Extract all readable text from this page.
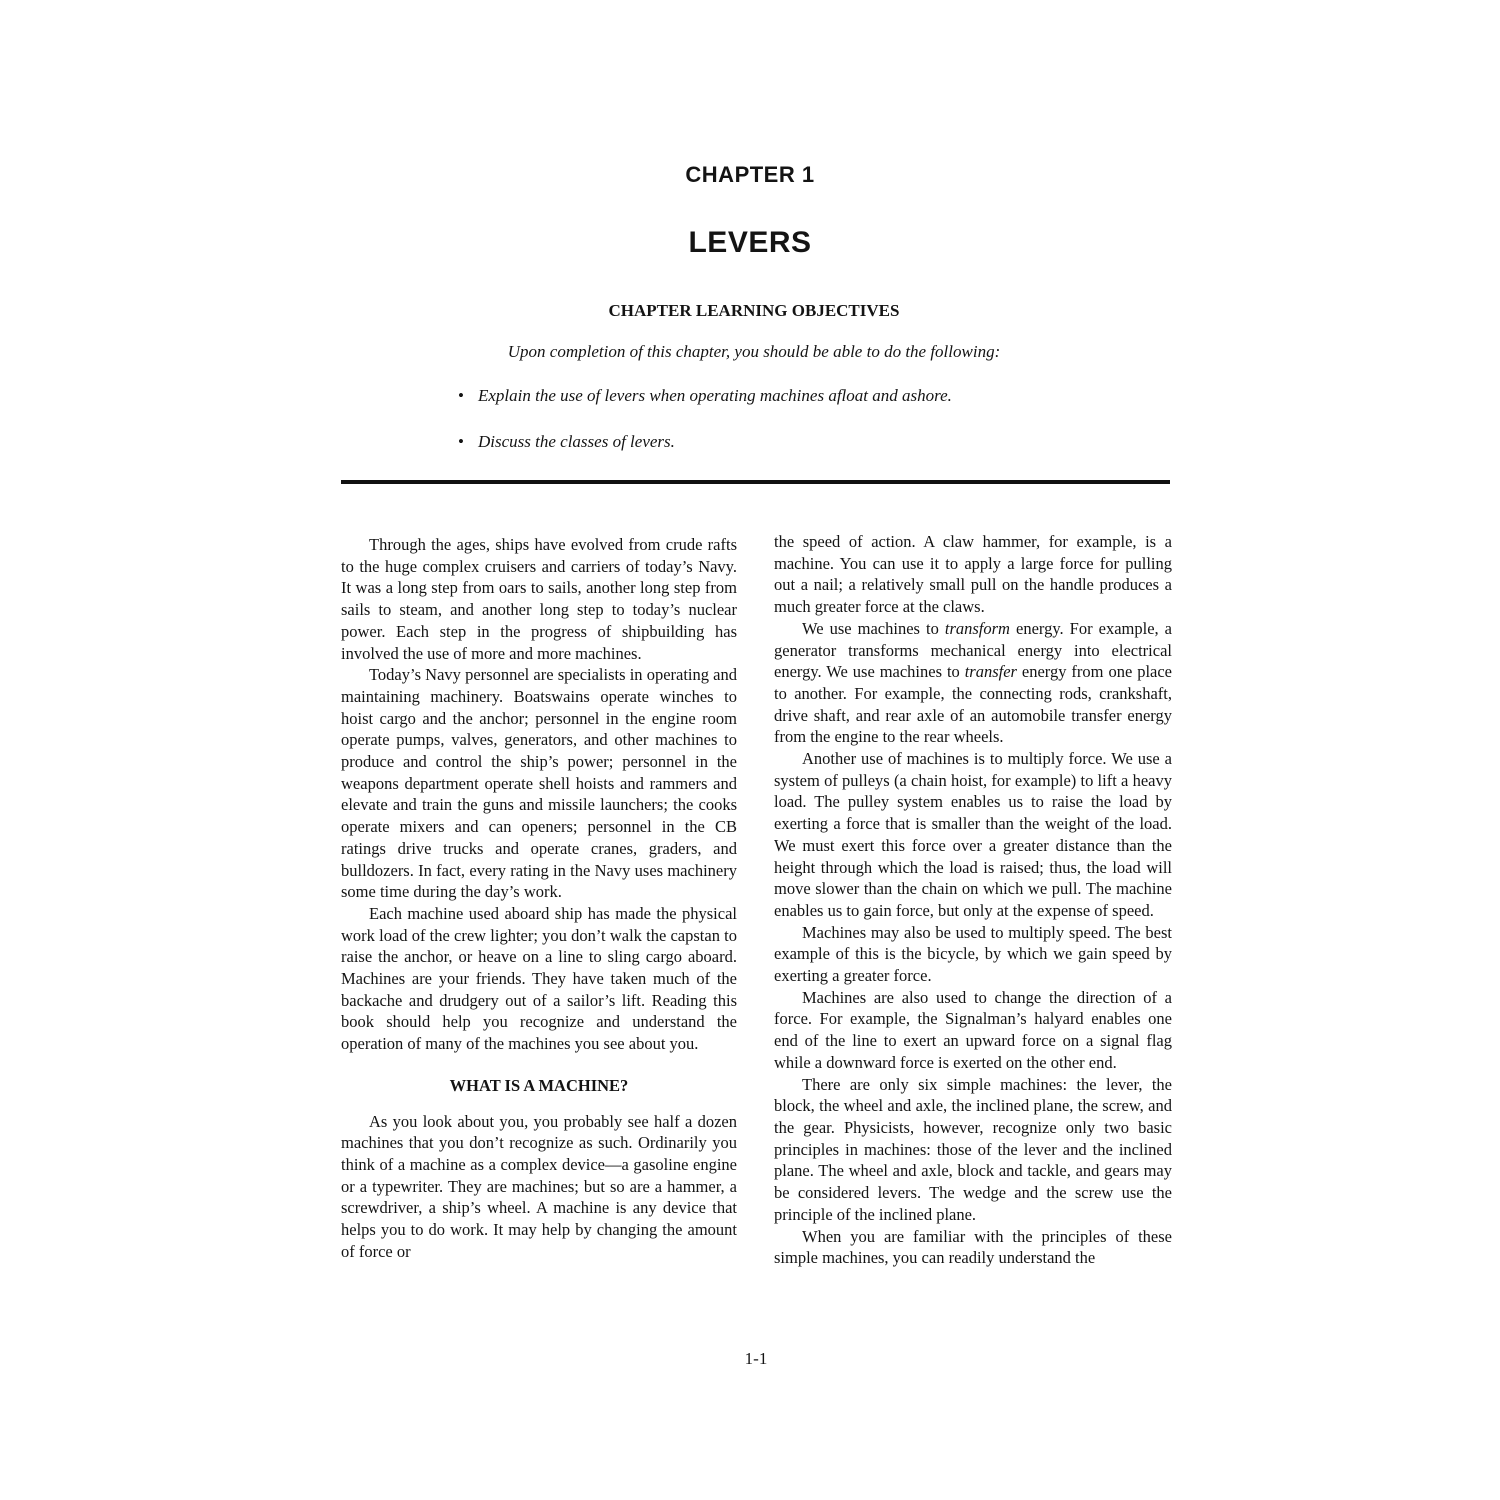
CHAPTER 1
LEVERS
CHAPTER LEARNING OBJECTIVES

Upon completion of this chapter, you should be able to do the following:

• Explain the use of levers when operating machines afloat and ashore.

• Discuss the classes of levers.

Through the ages, ships have evolved from crude rafts to the huge complex cruisers and carriers of today’s Navy. It was a long step from oars to sails, another long step from sails to steam, and another long step to today’s nuclear power. Each step in the progress of shipbuilding has involved the use of more and more machines.

Today’s Navy personnel are specialists in operating and maintaining machinery. Boatswains operate winches to hoist cargo and the anchor; personnel in the engine room operate pumps, valves, generators, and other machines to produce and control the ship’s power; personnel in the weapons department operate shell hoists and rammers and elevate and train the guns and missile launchers; the cooks operate mixers and can openers; personnel in the CB ratings drive trucks and operate cranes, graders, and bulldozers. In fact, every rating in the Navy uses machinery some time during the day’s work.

Each machine used aboard ship has made the physical work load of the crew lighter; you don’t walk the capstan to raise the anchor, or heave on a line to sling cargo aboard. Machines are your friends. They have taken much of the backache and drudgery out of a sailor’s lift. Reading this book should help you recognize and understand the operation of many of the machines you see about you.

WHAT IS A MACHINE?

As you look about you, you probably see half a dozen machines that you don’t recognize as such. Ordinarily you think of a machine as a complex device—a gasoline engine or a typewriter. They are machines; but so are a hammer, a screwdriver, a ship’s wheel. A machine is any device that helps you to do work. It may help by changing the amount of force or

the speed of action. A claw hammer, for example, is a machine. You can use it to apply a large force for pulling out a nail; a relatively small pull on the handle produces a much greater force at the claws.

We use machines to transform energy. For example, a generator transforms mechanical energy into electrical energy. We use machines to transfer energy from one place to another. For example, the connecting rods, crankshaft, drive shaft, and rear axle of an automobile transfer energy from the engine to the rear wheels.

Another use of machines is to multiply force. We use a system of pulleys (a chain hoist, for example) to lift a heavy load. The pulley system enables us to raise the load by exerting a force that is smaller than the weight of the load. We must exert this force over a greater distance than the height through which the load is raised; thus, the load will move slower than the chain on which we pull. The machine enables us to gain force, but only at the expense of speed.

Machines may also be used to multiply speed. The best example of this is the bicycle, by which we gain speed by exerting a greater force.

Machines are also used to change the direction of a force. For example, the Signalman’s halyard enables one end of the line to exert an upward force on a signal flag while a downward force is exerted on the other end.

There are only six simple machines: the lever, the block, the wheel and axle, the inclined plane, the screw, and the gear. Physicists, however, recognize only two basic principles in machines: those of the lever and the inclined plane. The wheel and axle, block and tackle, and gears may be considered levers. The wedge and the screw use the principle of the inclined plane.

When you are familiar with the principles of these simple machines, you can readily understand the

1-1
